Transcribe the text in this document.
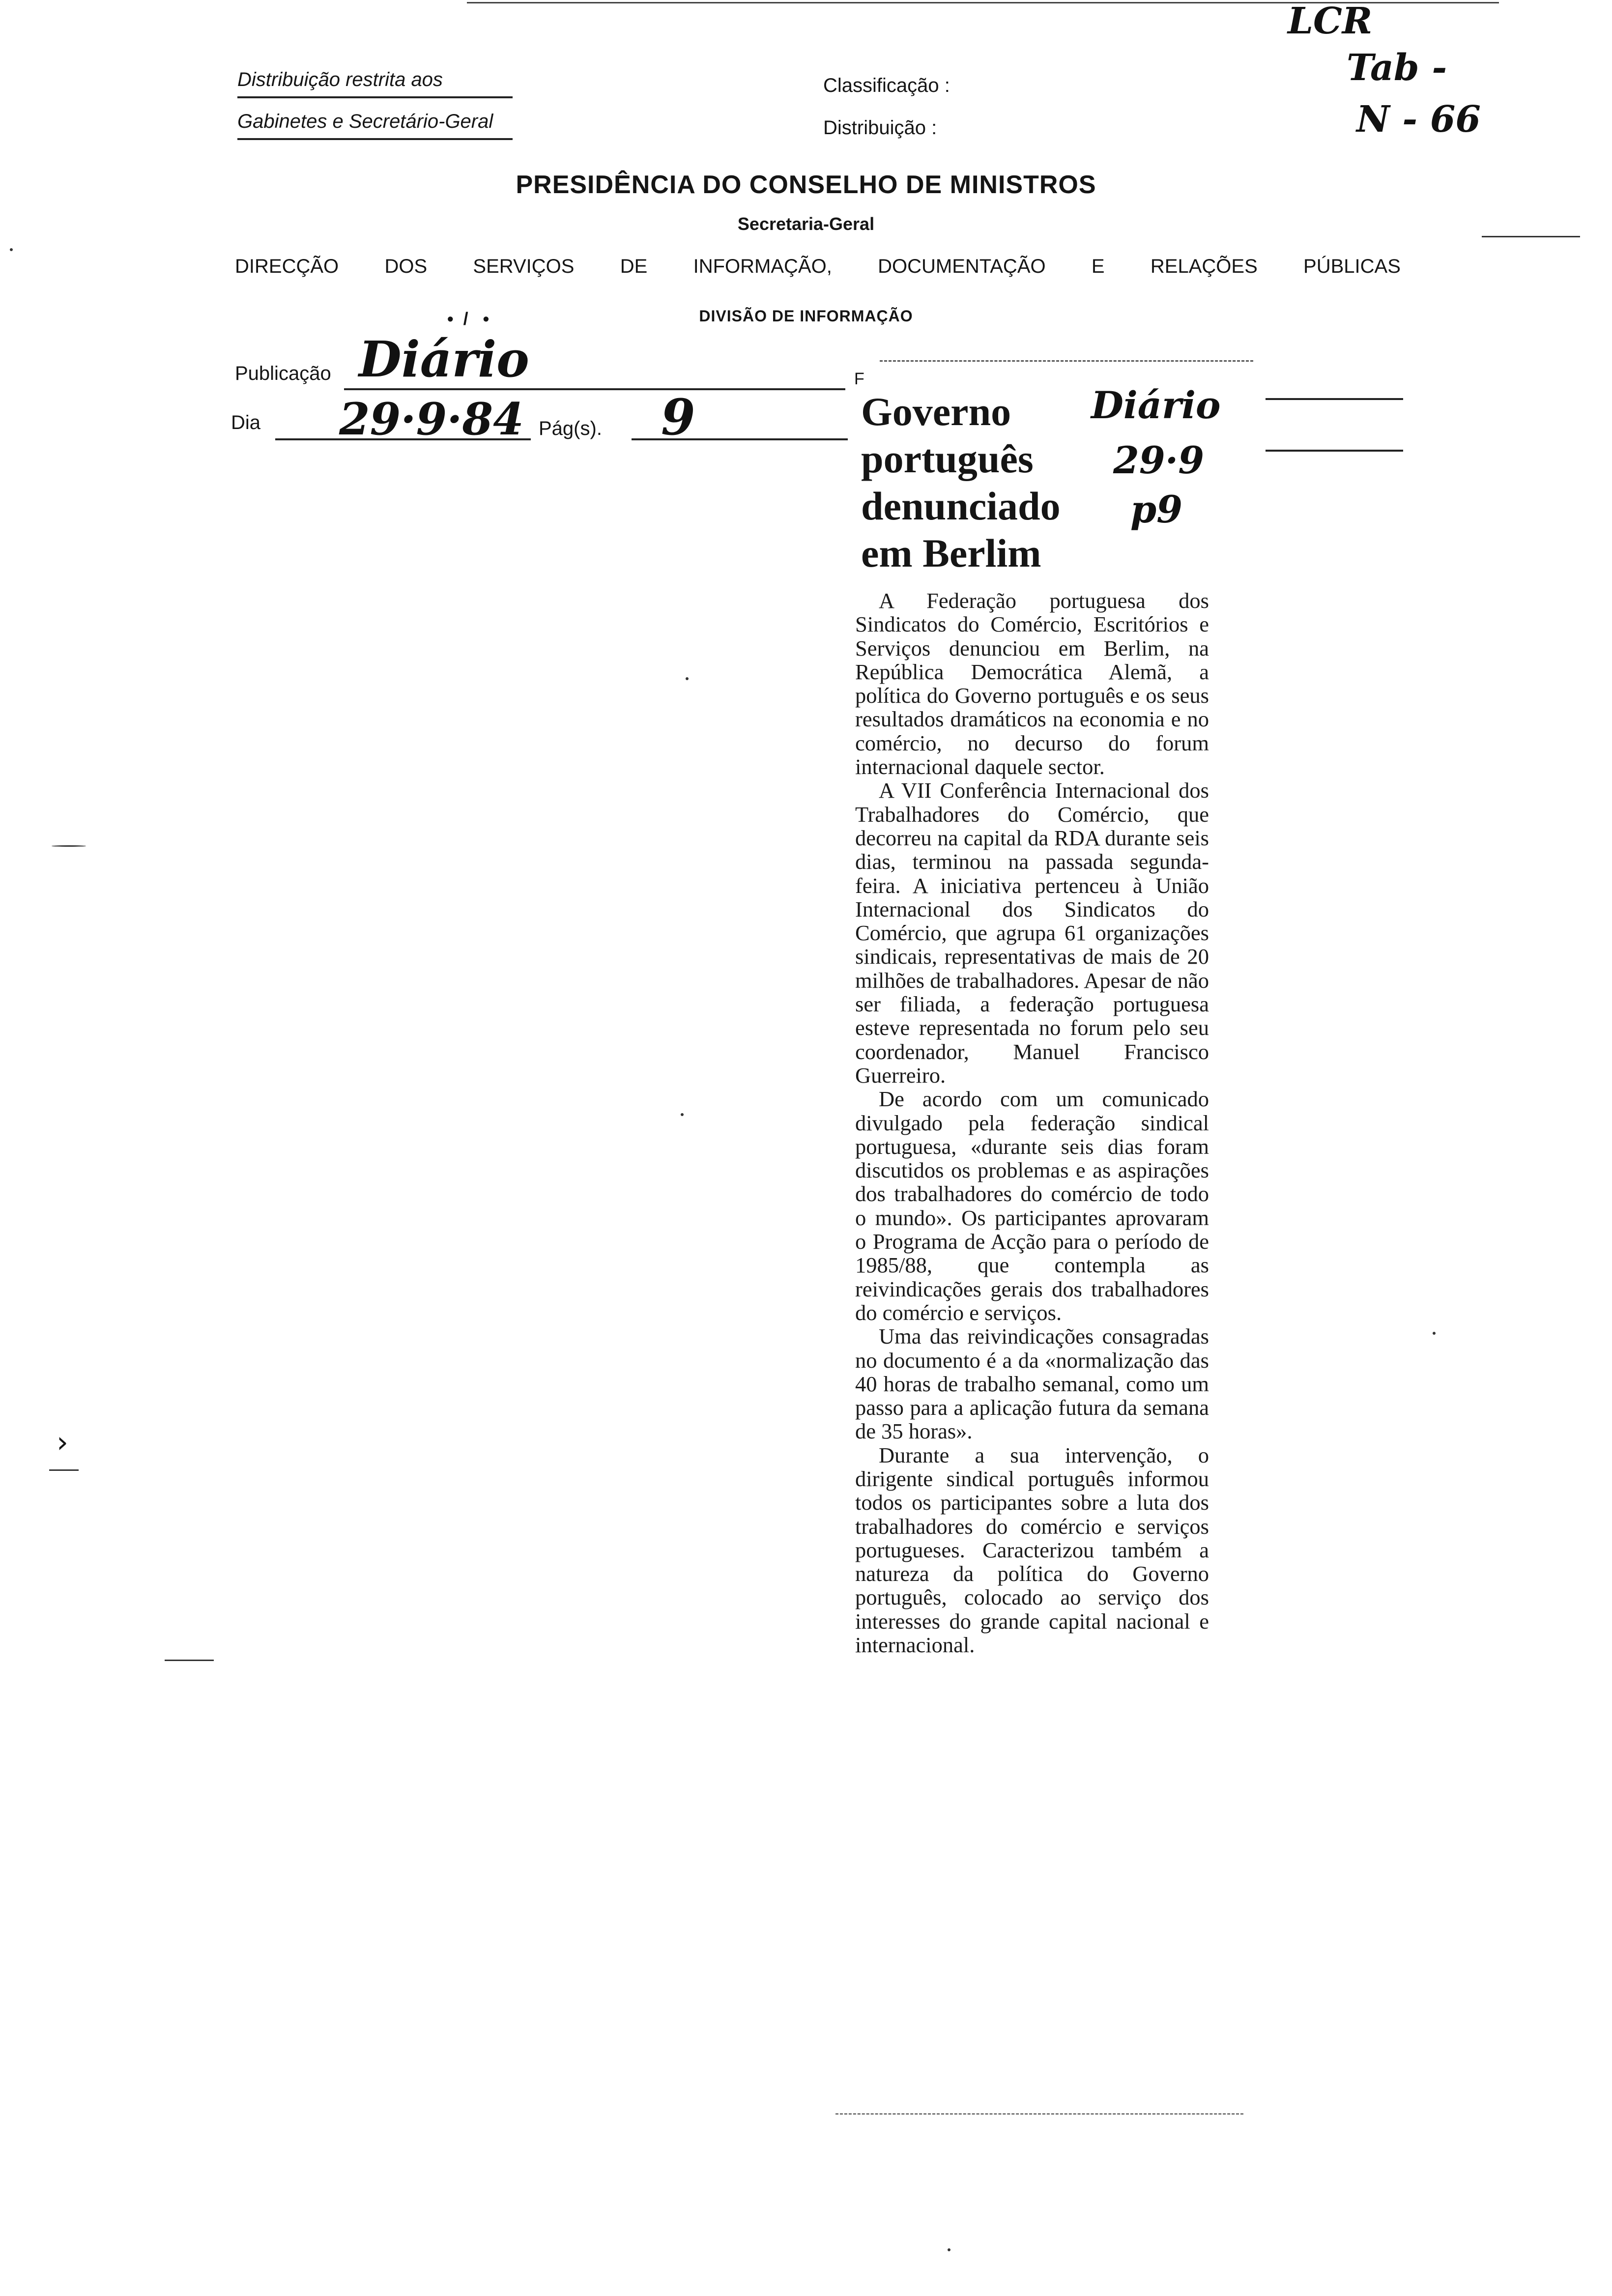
LCR
Tab -
N - 66
Distribuição restrita aos
Gabinetes e Secretário-Geral
Classificação :
Distribuição :
PRESIDÊNCIA DO CONSELHO DE MINISTROS
Secretaria-Geral
DIRECÇÃO DOS SERVIÇOS DE INFORMAÇÃO, DOCUMENTAÇÃO E RELAÇÕES PÚBLICAS
•  /   •	DIVISÃO DE INFORMAÇÃO
Publicação Diário
Dia 29·9·84 Pág(s). 9
F
Governo
português
denunciado
em Berlim
Diário
29·9
p9

A Federação portuguesa dos Sindicatos do Comércio, Escritórios e Serviços denunciou em Berlim, na República Democrática Alemã, a política do Governo português e os seus resultados dramáticos na economia e no comércio, no decurso do forum internacional daquele sector.

A VII Conferência Internacional dos Trabalhadores do Comércio, que decorreu na capital da RDA durante seis dias, terminou na passada segunda-feira. A iniciativa pertenceu à União Internacional dos Sindicatos do Comércio, que agrupa 61 organizações sindicais, representativas de mais de 20 milhões de trabalhadores. Apesar de não ser filiada, a federação portuguesa esteve representada no forum pelo seu coordenador, Manuel Francisco Guerreiro.

De acordo com um comunicado divulgado pela federação sindical portuguesa, «durante seis dias foram discutidos os problemas e as aspirações dos trabalhadores do comércio de todo o mundo». Os participantes aprovaram o Programa de Acção para o período de 1985/88, que contempla as reivindicações gerais dos trabalhadores do comércio e serviços.

Uma das reivindicações consagradas no documento é a da «normalização das 40 horas de trabalho semanal, como um passo para a aplicação futura da semana de 35 horas».

Durante a sua intervenção, o dirigente sindical português informou todos os participantes sobre a luta dos trabalhadores do comércio e serviços portugueses. Caracterizou também a natureza da política do Governo português, colocado ao serviço dos interesses do grande capital nacional e internacional.

›
